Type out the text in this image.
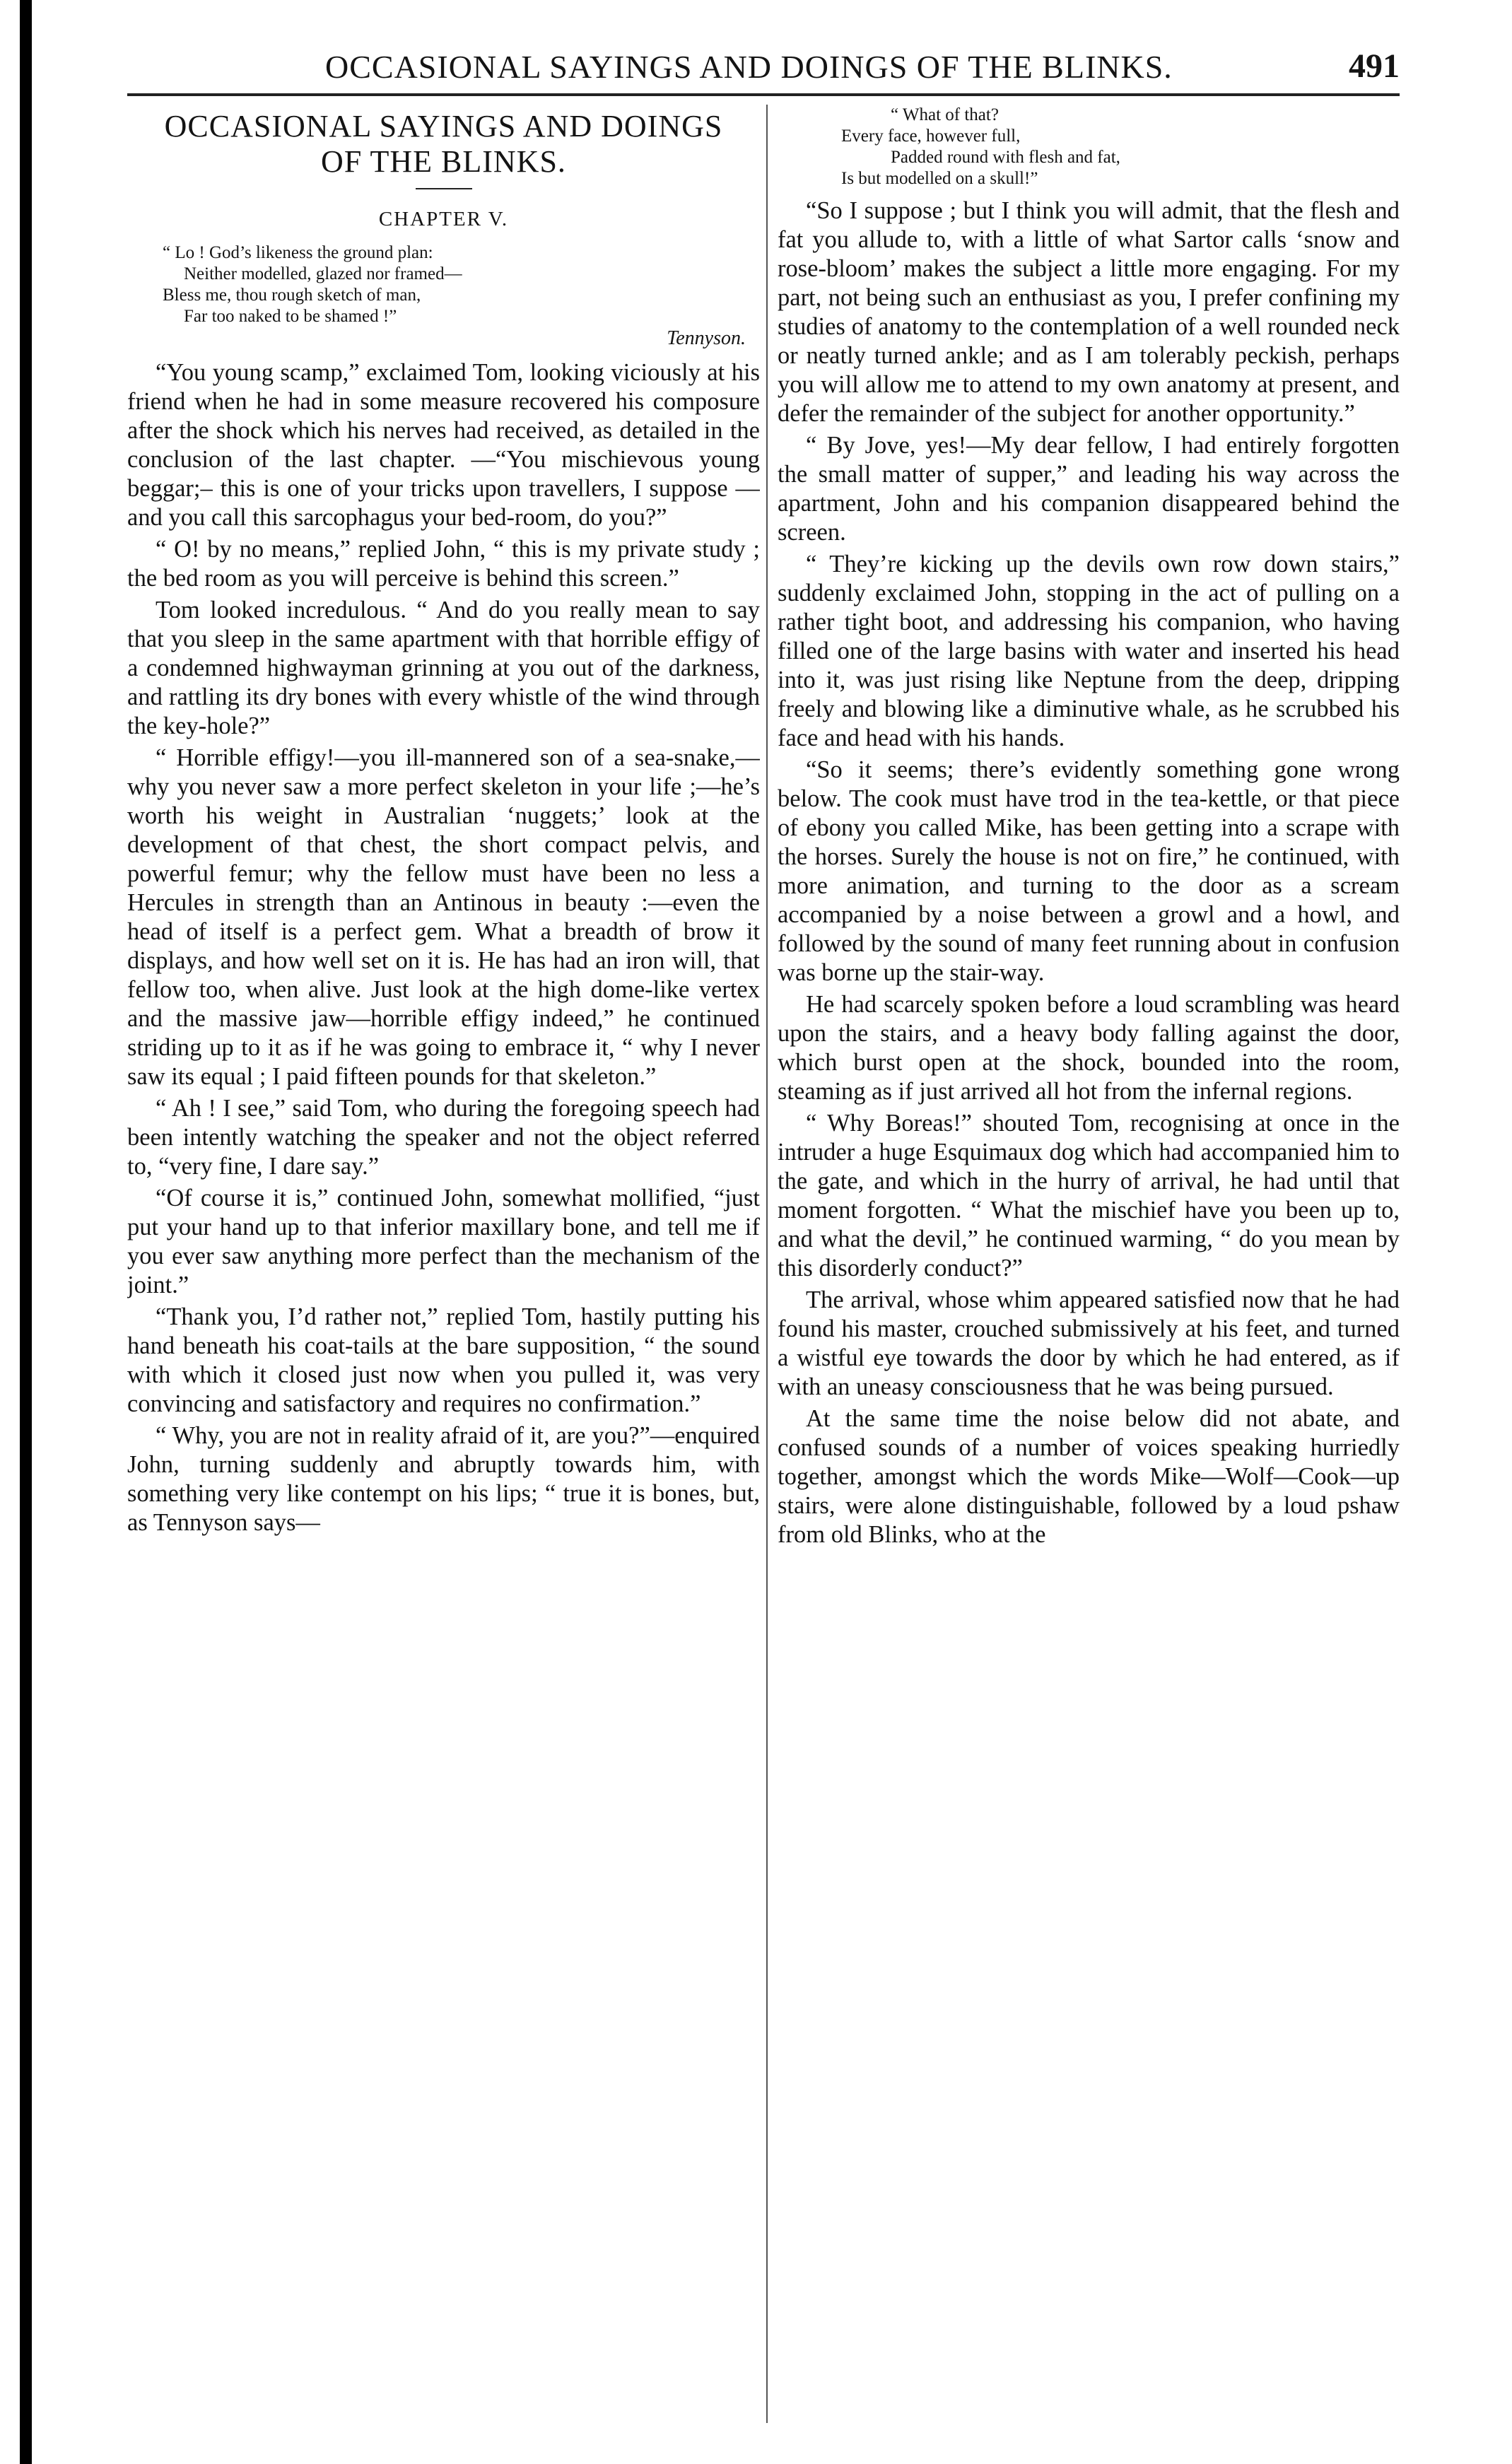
OCCASIONAL SAYINGS AND DOINGS OF THE BLINKS.	491
OCCASIONAL SAYINGS AND DOINGS
OF THE BLINKS.
CHAPTER V.
“ Lo ! God’s likeness the ground plan:
Neither modelled, glazed nor framed—
Bless me, thou rough sketch of man,
Far too naked to be shamed !”
Tennyson.

“You young scamp,” exclaimed Tom, looking viciously at his friend when he had in some measure recovered his composure after the shock which his nerves had received, as detailed in the conclusion of the last chapter. —“You mischievous young beggar;– this is one of your tricks upon travellers, I suppose —and you call this sarcophagus your bed-room, do you?”

“ O! by no means,” replied John, “ this is my private study ; the bed room as you will perceive is behind this screen.”

Tom looked incredulous. “ And do you really mean to say that you sleep in the same apartment with that horrible effigy of a condemned highwayman grinning at you out of the darkness, and rattling its dry bones with every whistle of the wind through the key-hole?”

“ Horrible effigy!—you ill-mannered son of a sea-snake,—why you never saw a more perfect skeleton in your life ;—he’s worth his weight in Australian ‘nuggets;’ look at the development of that chest, the short compact pelvis, and powerful femur; why the fellow must have been no less a Hercules in strength than an Antinous in beauty :—even the head of itself is a perfect gem. What a breadth of brow it displays, and how well set on it is. He has had an iron will, that fellow too, when alive. Just look at the high dome-like vertex and the massive jaw—horrible effigy indeed,” he continued striding up to it as if he was going to embrace it, “ why I never saw its equal ; I paid fifteen pounds for that skeleton.”

“ Ah ! I see,” said Tom, who during the foregoing speech had been intently watching the speaker and not the object referred to, “very fine, I dare say.”

“Of course it is,” continued John, somewhat mollified, “just put your hand up to that inferior maxillary bone, and tell me if you ever saw anything more perfect than the mechanism of the joint.”

“Thank you, I’d rather not,” replied Tom, hastily putting his hand beneath his coat-tails at the bare supposition, “ the sound with which it closed just now when you pulled it, was very convincing and satisfactory and requires no confirmation.”

“ Why, you are not in reality afraid of it, are you?”—enquired John, turning suddenly and abruptly towards him, with something very like contempt on his lips; “ true it is bones, but, as Tennyson says—

“ What of that?
Every face, however full,
Padded round with flesh and fat,
Is but modelled on a skull!”

“So I suppose ; but I think you will admit, that the flesh and fat you allude to, with a little of what Sartor calls ‘snow and rose-bloom’ makes the subject a little more engaging. For my part, not being such an enthusiast as you, I prefer confining my studies of anatomy to the contemplation of a well rounded neck or neatly turned ankle; and as I am tolerably peckish, perhaps you will allow me to attend to my own anatomy at present, and defer the remainder of the subject for another opportunity.”

“ By Jove, yes!—My dear fellow, I had entirely forgotten the small matter of supper,” and leading his way across the apartment, John and his companion disappeared behind the screen.

“ They’re kicking up the devils own row down stairs,” suddenly exclaimed John, stopping in the act of pulling on a rather tight boot, and addressing his companion, who having filled one of the large basins with water and inserted his head into it, was just rising like Neptune from the deep, dripping freely and blowing like a diminutive whale, as he scrubbed his face and head with his hands.

“So it seems; there’s evidently something gone wrong below. The cook must have trod in the tea-kettle, or that piece of ebony you called Mike, has been getting into a scrape with the horses. Surely the house is not on fire,” he continued, with more animation, and turning to the door as a scream accompanied by a noise between a growl and a howl, and followed by the sound of many feet running about in confusion was borne up the stair-way.

He had scarcely spoken before a loud scrambling was heard upon the stairs, and a heavy body falling against the door, which burst open at the shock, bounded into the room, steaming as if just arrived all hot from the infernal regions.

“ Why Boreas!” shouted Tom, recognising at once in the intruder a huge Esquimaux dog which had accompanied him to the gate, and which in the hurry of arrival, he had until that moment forgotten. “ What the mischief have you been up to, and what the devil,” he continued warming, “ do you mean by this disorderly conduct?”

The arrival, whose whim appeared satisfied now that he had found his master, crouched submissively at his feet, and turned a wistful eye towards the door by which he had entered, as if with an uneasy consciousness that he was being pursued.

At the same time the noise below did not abate, and confused sounds of a number of voices speaking hurriedly together, amongst which the words Mike—Wolf—Cook—up stairs, were alone distinguishable, followed by a loud pshaw from old Blinks, who at the
